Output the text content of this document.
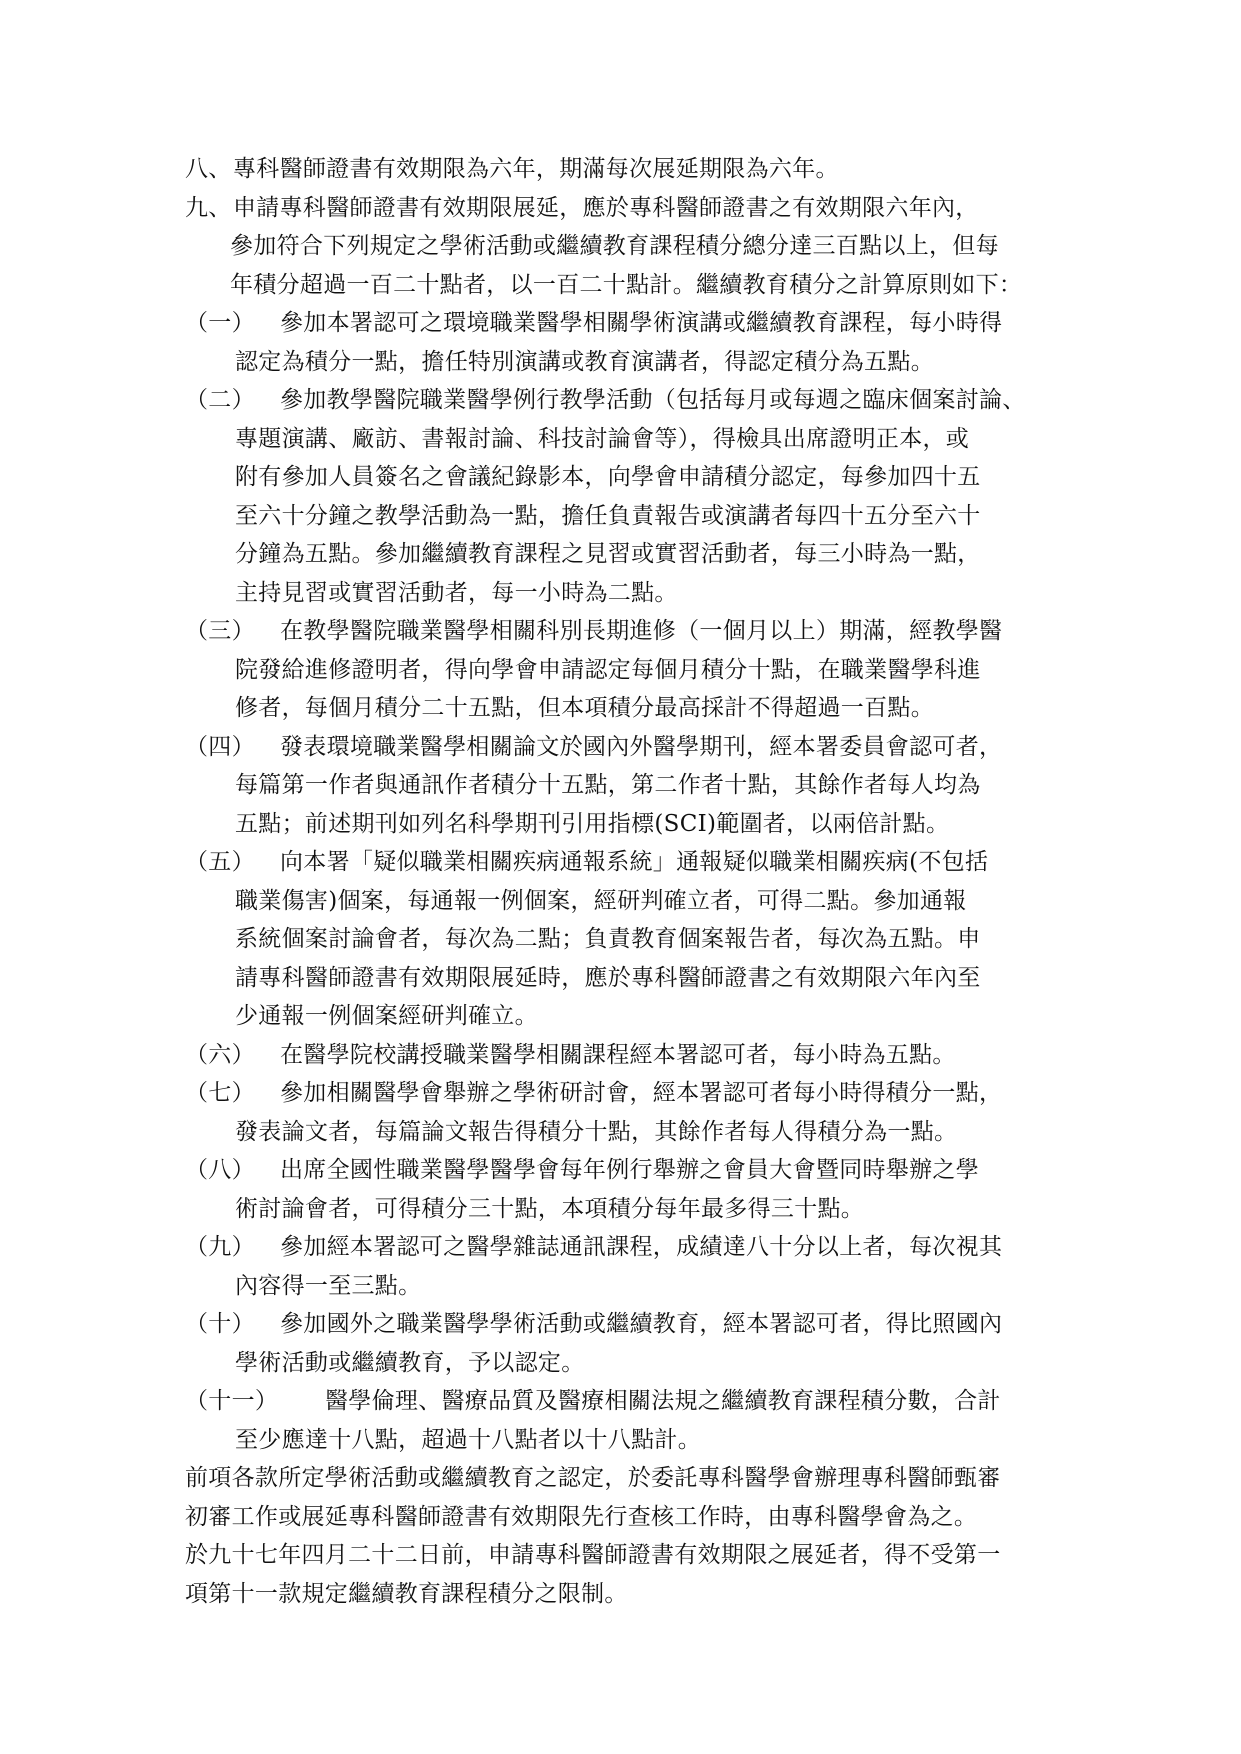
八、專科醫師證書有效期限為六年，期滿每次展延期限為六年。
九、申請專科醫師證書有效期限展延，應於專科醫師證書之有效期限六年內，
參加符合下列規定之學術活動或繼續教育課程積分總分達三百點以上，但每
年積分超過一百二十點者，以一百二十點計。繼續教育積分之計算原則如下：
（一） 參加本署認可之環境職業醫學相關學術演講或繼續教育課程，每小時得
認定為積分一點，擔任特別演講或教育演講者，得認定積分為五點。
（二） 參加教學醫院職業醫學例行教學活動（包括每月或每週之臨床個案討論、
專題演講、廠訪、書報討論、科技討論會等），得檢具出席證明正本，或
附有參加人員簽名之會議紀錄影本，向學會申請積分認定，每參加四十五
至六十分鐘之教學活動為一點，擔任負責報告或演講者每四十五分至六十
分鐘為五點。參加繼續教育課程之見習或實習活動者，每三小時為一點，
主持見習或實習活動者，每一小時為二點。
（三） 在教學醫院職業醫學相關科別長期進修（一個月以上）期滿，經教學醫
院發給進修證明者，得向學會申請認定每個月積分十點，在職業醫學科進
修者，每個月積分二十五點，但本項積分最高採計不得超過一百點。
（四） 發表環境職業醫學相關論文於國內外醫學期刊，經本署委員會認可者，
每篇第一作者與通訊作者積分十五點，第二作者十點，其餘作者每人均為
五點；前述期刊如列名科學期刊引用指標(SCI)範圍者，以兩倍計點。
（五） 向本署「疑似職業相關疾病通報系統」通報疑似職業相關疾病(不包括
職業傷害)個案，每通報一例個案，經研判確立者，可得二點。參加通報
系統個案討論會者，每次為二點；負責教育個案報告者，每次為五點。申
請專科醫師證書有效期限展延時，應於專科醫師證書之有效期限六年內至
少通報一例個案經研判確立。
（六） 在醫學院校講授職業醫學相關課程經本署認可者，每小時為五點。
（七） 參加相關醫學會舉辦之學術研討會，經本署認可者每小時得積分一點，
發表論文者，每篇論文報告得積分十點，其餘作者每人得積分為一點。
（八） 出席全國性職業醫學醫學會每年例行舉辦之會員大會暨同時舉辦之學
術討論會者，可得積分三十點，本項積分每年最多得三十點。
（九） 參加經本署認可之醫學雜誌通訊課程，成績達八十分以上者，每次視其
內容得一至三點。
（十） 參加國外之職業醫學學術活動或繼續教育，經本署認可者，得比照國內
學術活動或繼續教育，予以認定。
（十一） 醫學倫理、醫療品質及醫療相關法規之繼續教育課程積分數，合計
至少應達十八點，超過十八點者以十八點計。
前項各款所定學術活動或繼續教育之認定，於委託專科醫學會辦理專科醫師甄審
初審工作或展延專科醫師證書有效期限先行查核工作時，由專科醫學會為之。
於九十七年四月二十二日前，申請專科醫師證書有效期限之展延者，得不受第一
項第十一款規定繼續教育課程積分之限制。
